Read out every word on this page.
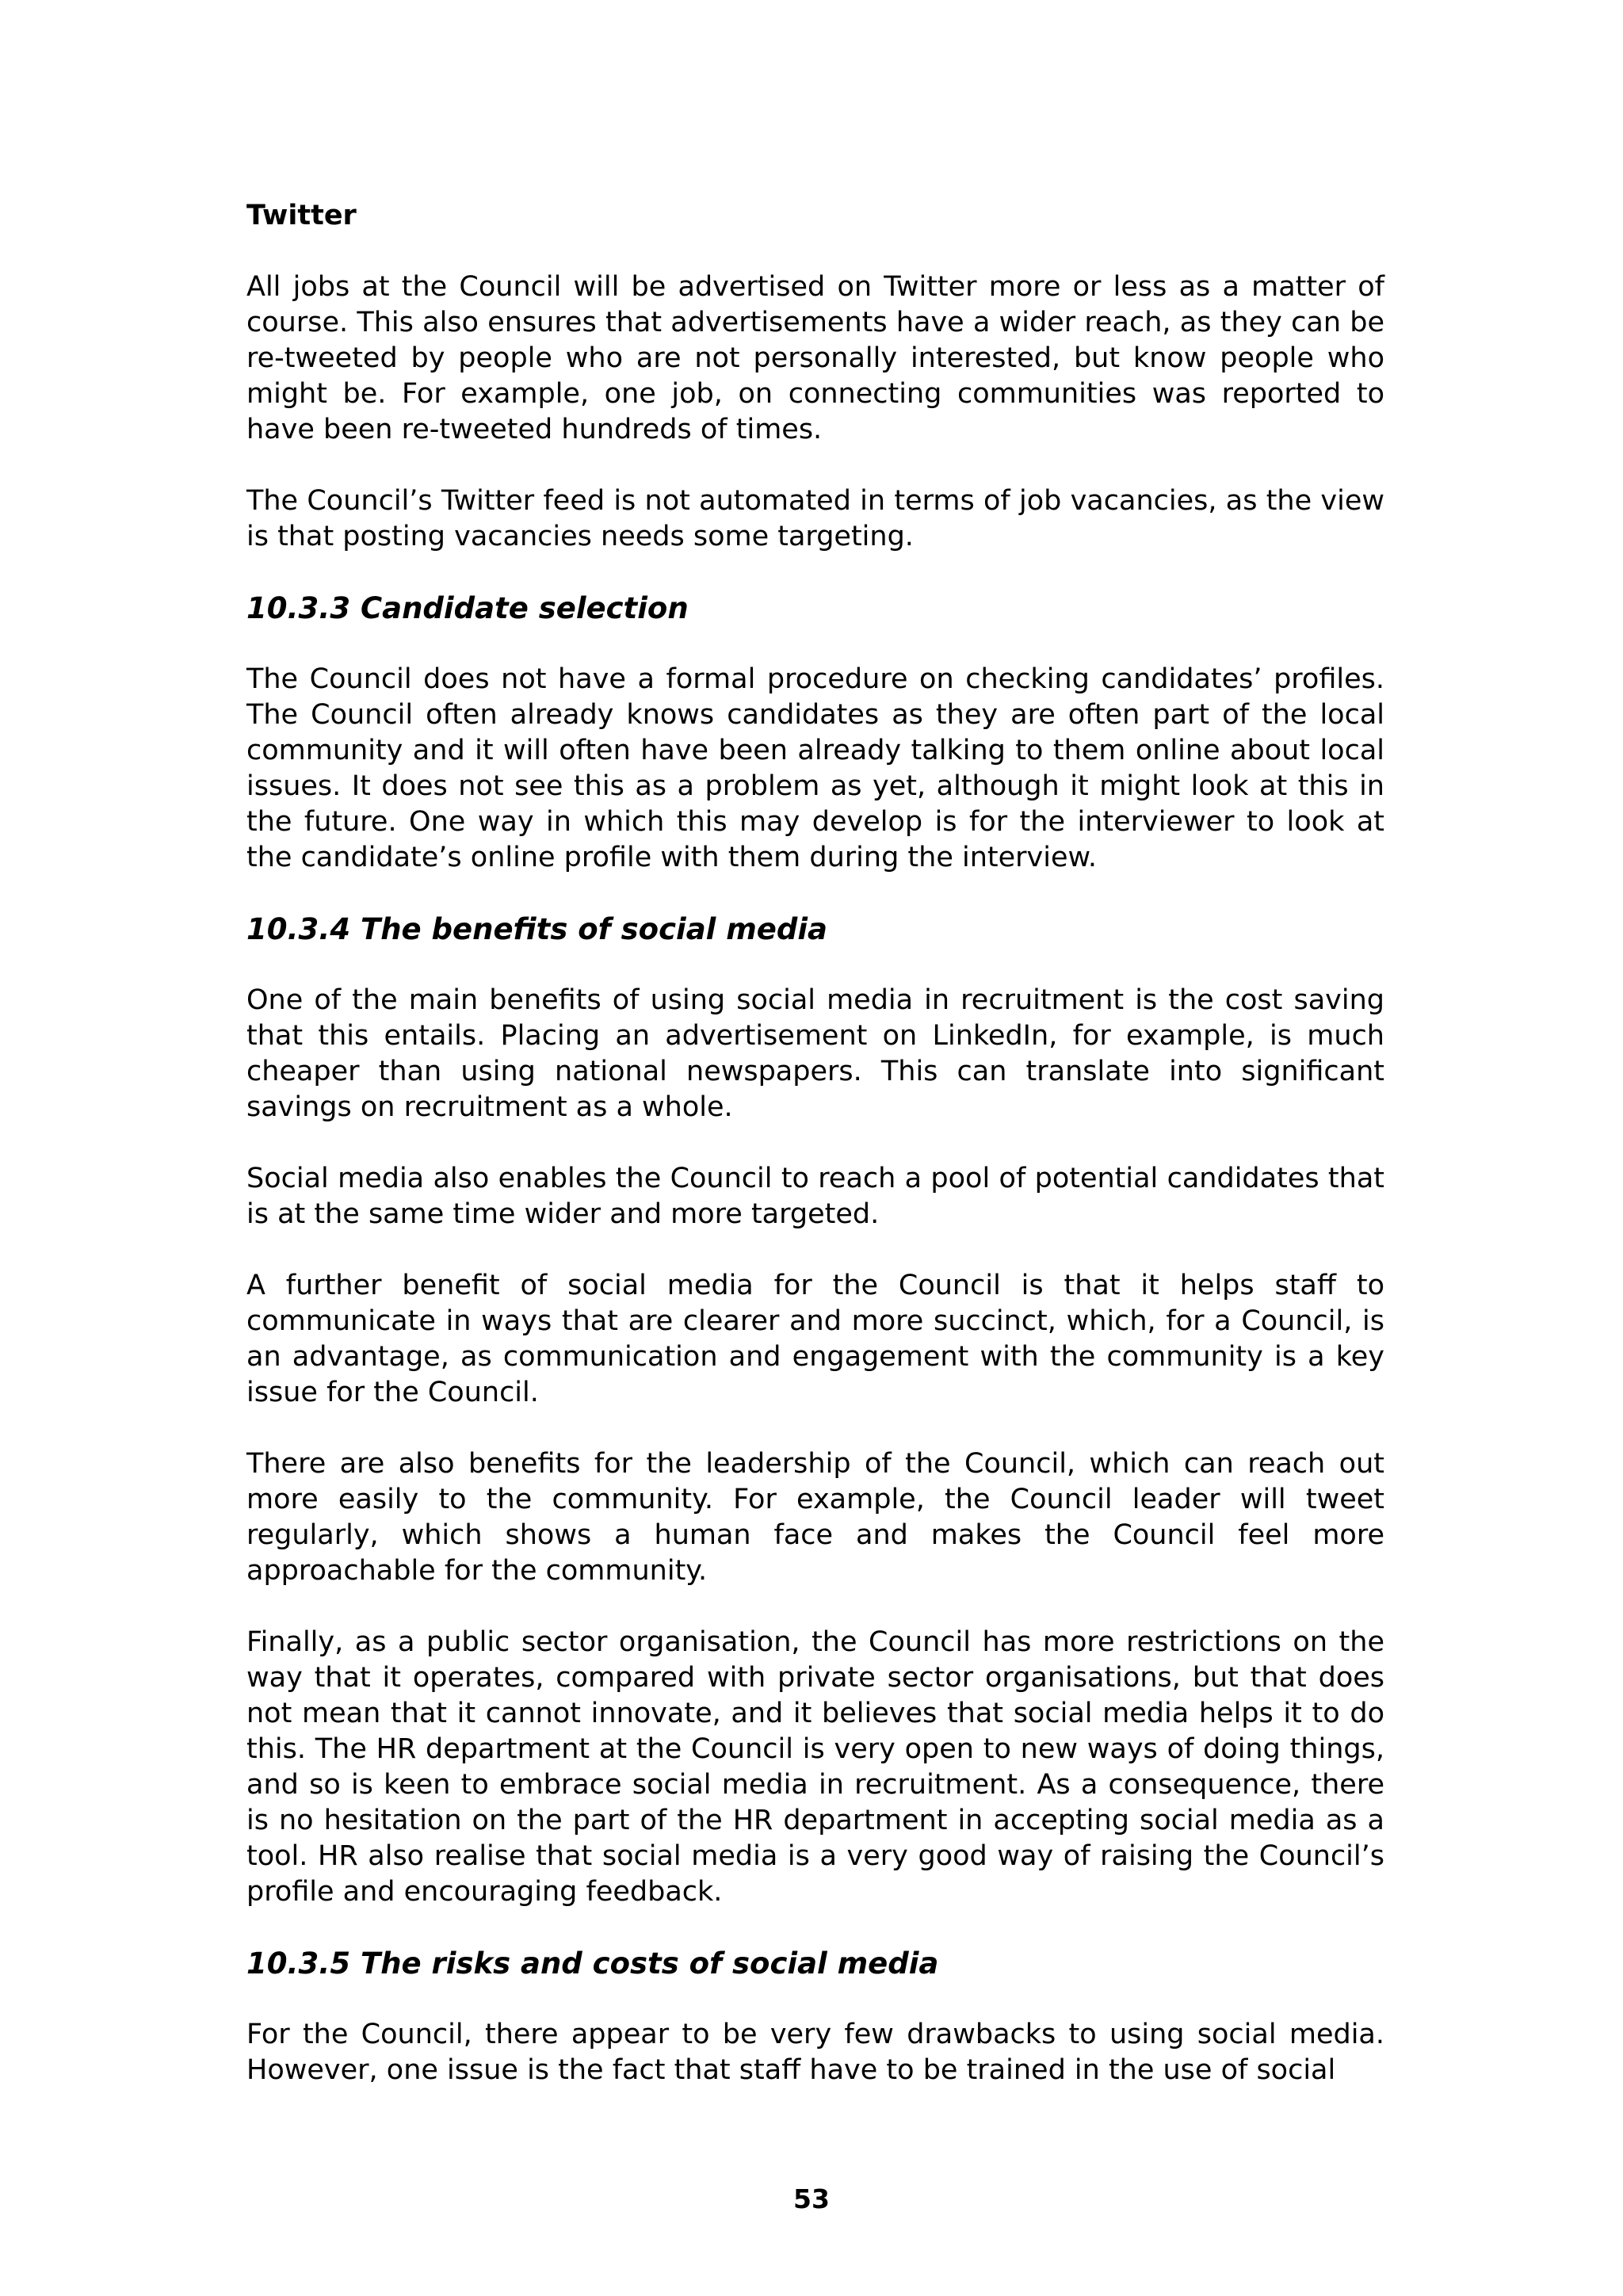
Twitter

All jobs at the Council will be advertised on Twitter more or less as a matter of course. This also ensures that advertisements have a wider reach, as they can be re-tweeted by people who are not personally interested, but know people who might be. For example, one job, on connecting communities was reported to have been re-tweeted hundreds of times.

The Council’s Twitter feed is not automated in terms of job vacancies, as the view is that posting vacancies needs some targeting.

10.3.3 Candidate selection

The Council does not have a formal procedure on checking candidates’ profiles. The Council often already knows candidates as they are often part of the local community and it will often have been already talking to them online about local issues. It does not see this as a problem as yet, although it might look at this in the future. One way in which this may develop is for the interviewer to look at the candidate’s online profile with them during the interview.

10.3.4 The benefits of social media

One of the main benefits of using social media in recruitment is the cost saving that this entails. Placing an advertisement on LinkedIn, for example, is much cheaper than using national newspapers. This can translate into significant savings on recruitment as a whole.

Social media also enables the Council to reach a pool of potential candidates that is at the same time wider and more targeted.

A further benefit of social media for the Council is that it helps staff to communicate in ways that are clearer and more succinct, which, for a Council, is an advantage, as communication and engagement with the community is a key issue for the Council.

There are also benefits for the leadership of the Council, which can reach out more easily to the community. For example, the Council leader will tweet regularly, which shows a human face and makes the Council feel more approachable for the community.

Finally, as a public sector organisation, the Council has more restrictions on the way that it operates, compared with private sector organisations, but that does not mean that it cannot innovate, and it believes that social media helps it to do this. The HR department at the Council is very open to new ways of doing things, and so is keen to embrace social media in recruitment. As a consequence, there is no hesitation on the part of the HR department in accepting social media as a tool. HR also realise that social media is a very good way of raising the Council’s profile and encouraging feedback.

10.3.5 The risks and costs of social media

For the Council, there appear to be very few drawbacks to using social media. However, one issue is the fact that staff have to be trained in the use of social

53
